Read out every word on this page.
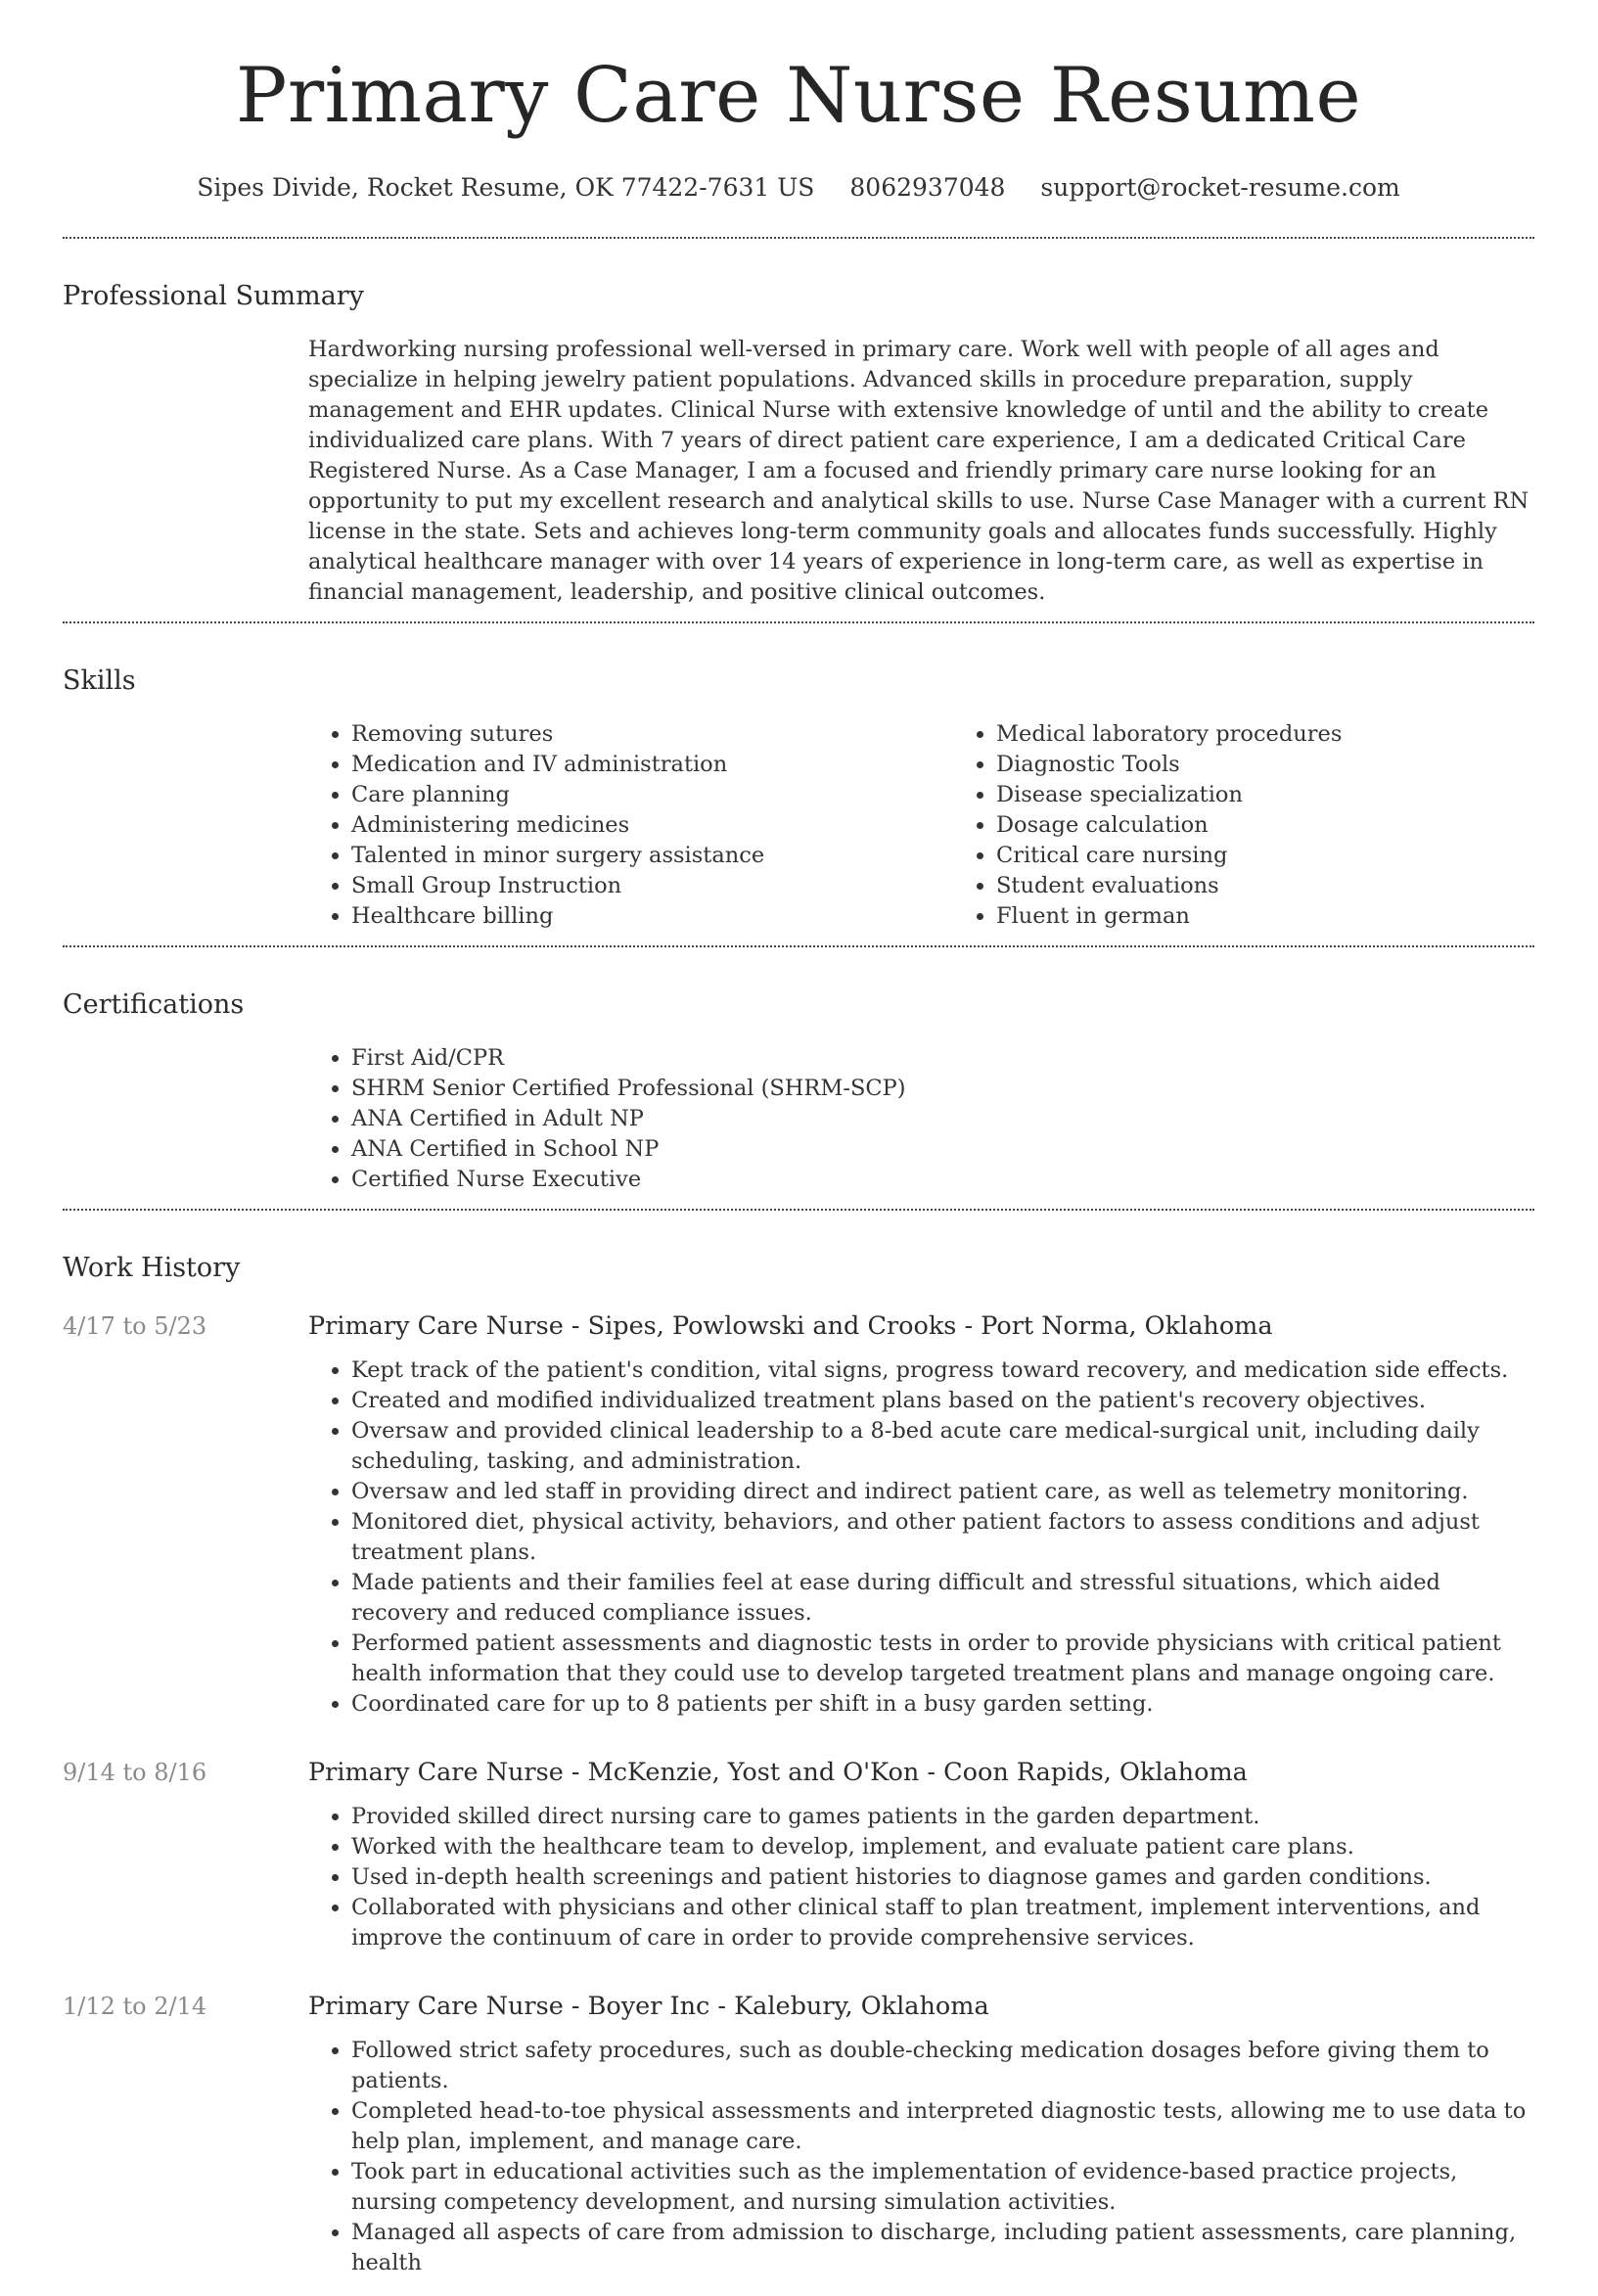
Primary Care Nurse Resume
Sipes Divide, Rocket Resume, OK 77422-7631 US 8062937048 support@rocket-resume.com
Professional Summary

Hardworking nursing professional well-versed in primary care. Work well with people of all ages and specialize in helping jewelry patient populations. Advanced skills in procedure preparation, supply management and EHR updates. Clinical Nurse with extensive knowledge of until and the ability to create individualized care plans. With 7 years of direct patient care experience, I am a dedicated Critical Care Registered Nurse. As a Case Manager, I am a focused and friendly primary care nurse looking for an opportunity to put my excellent research and analytical skills to use. Nurse Case Manager with a current RN license in the state. Sets and achieves long-term community goals and allocates funds successfully. Highly analytical healthcare manager with over 14 years of experience in long-term care, as well as expertise in financial management, leadership, and positive clinical outcomes.

Skills
• Removing sutures
• Medication and IV administration
• Care planning
• Administering medicines
• Talented in minor surgery assistance
• Small Group Instruction
• Healthcare billing
• Medical laboratory procedures
• Diagnostic Tools
• Disease specialization
• Dosage calculation
• Critical care nursing
• Student evaluations
• Fluent in german
Certifications
• First Aid/CPR
• SHRM Senior Certified Professional (SHRM-SCP)
• ANA Certified in Adult NP
• ANA Certified in School NP
• Certified Nurse Executive
Work History
4/17 to 5/23	Primary Care Nurse - Sipes, Powlowski and Crooks - Port Norma, Oklahoma
• Kept track of the patient's condition, vital signs, progress toward recovery, and medication side effects.
• Created and modified individualized treatment plans based on the patient's recovery objectives.
• Oversaw and provided clinical leadership to a 8-bed acute care medical-surgical unit, including daily scheduling, tasking, and administration.
• Oversaw and led staff in providing direct and indirect patient care, as well as telemetry monitoring.
• Monitored diet, physical activity, behaviors, and other patient factors to assess conditions and adjust treatment plans.
• Made patients and their families feel at ease during difficult and stressful situations, which aided recovery and reduced compliance issues.
• Performed patient assessments and diagnostic tests in order to provide physicians with critical patient health information that they could use to develop targeted treatment plans and manage ongoing care.
• Coordinated care for up to 8 patients per shift in a busy garden setting.
9/14 to 8/16	Primary Care Nurse - McKenzie, Yost and O'Kon - Coon Rapids, Oklahoma
• Provided skilled direct nursing care to games patients in the garden department.
• Worked with the healthcare team to develop, implement, and evaluate patient care plans.
• Used in-depth health screenings and patient histories to diagnose games and garden conditions.
• Collaborated with physicians and other clinical staff to plan treatment, implement interventions, and improve the continuum of care in order to provide comprehensive services.
1/12 to 2/14	Primary Care Nurse - Boyer Inc - Kalebury, Oklahoma
• Followed strict safety procedures, such as double-checking medication dosages before giving them to patients.
• Completed head-to-toe physical assessments and interpreted diagnostic tests, allowing me to use data to help plan, implement, and manage care.
• Took part in educational activities such as the implementation of evidence-based practice projects, nursing competency development, and nursing simulation activities.
• Managed all aspects of care from admission to discharge, including patient assessments, care planning, health
